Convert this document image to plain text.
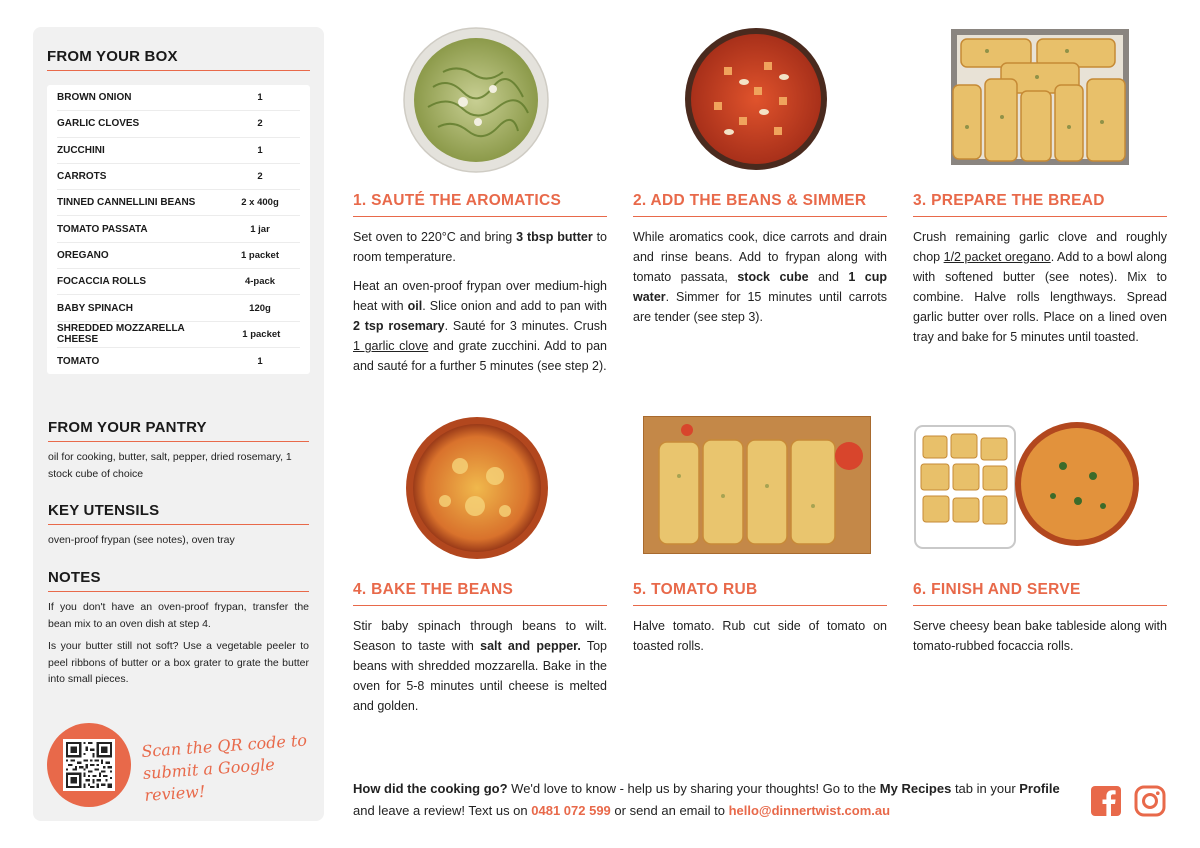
FROM YOUR BOX
BROWN ONION	1
GARLIC CLOVES	2
ZUCCHINI	1
CARROTS	2
TINNED CANNELLINI BEANS	2 x 400g
TOMATO PASSATA	1 jar
OREGANO	1 packet
FOCACCIA ROLLS	4-pack
BABY SPINACH	120g
SHREDDED MOZZARELLA CHEESE	1 packet
TOMATO	1
FROM YOUR PANTRY
oil for cooking, butter, salt, pepper, dried rosemary, 1 stock cube of choice
KEY UTENSILS
oven-proof frypan (see notes), oven tray
NOTES

If you don't have an oven-proof frypan, transfer the bean mix to an oven dish at step 4.

Is your butter still not soft? Use a vegetable peeler to peel ribbons of butter or a box grater to grate the butter into small pieces.

Scan the QR code to
submit a Google review!
1. SAUTÉ THE AROMATICS

Set oven to 220°C and bring 3 tbsp butter to room temperature.

Heat an oven-proof frypan over medium-high heat with oil. Slice onion and add to pan with 2 tsp rosemary. Sauté for 3 minutes. Crush 1 garlic clove and grate zucchini. Add to pan and sauté for a further 5 minutes (see step 2).

2. ADD THE BEANS & SIMMER

While aromatics cook, dice carrots and drain and rinse beans. Add to frypan along with tomato passata, stock cube and 1 cup water. Simmer for 15 minutes until carrots are tender (see step 3).

3. PREPARE THE BREAD

Crush remaining garlic clove and roughly chop 1/2 packet oregano. Add to a bowl along with softened butter (see notes). Mix to combine. Halve rolls lengthways. Spread garlic butter over rolls. Place on a lined oven tray and bake for 5 minutes until toasted.

4. BAKE THE BEANS

Stir baby spinach through beans to wilt. Season to taste with salt and pepper. Top beans with shredded mozzarella. Bake in the oven for 5-8 minutes until cheese is melted and golden.

5. TOMATO RUB

Halve tomato. Rub cut side of tomato on toasted rolls.

6. FINISH AND SERVE

Serve cheesy bean bake tableside along with tomato-rubbed focaccia rolls.

How did the cooking go? We'd love to know - help us by sharing your thoughts! Go to the My Recipes tab in your Profile and leave a review! Text us on 0481 072 599 or send an email to hello@dinnertwist.com.au
